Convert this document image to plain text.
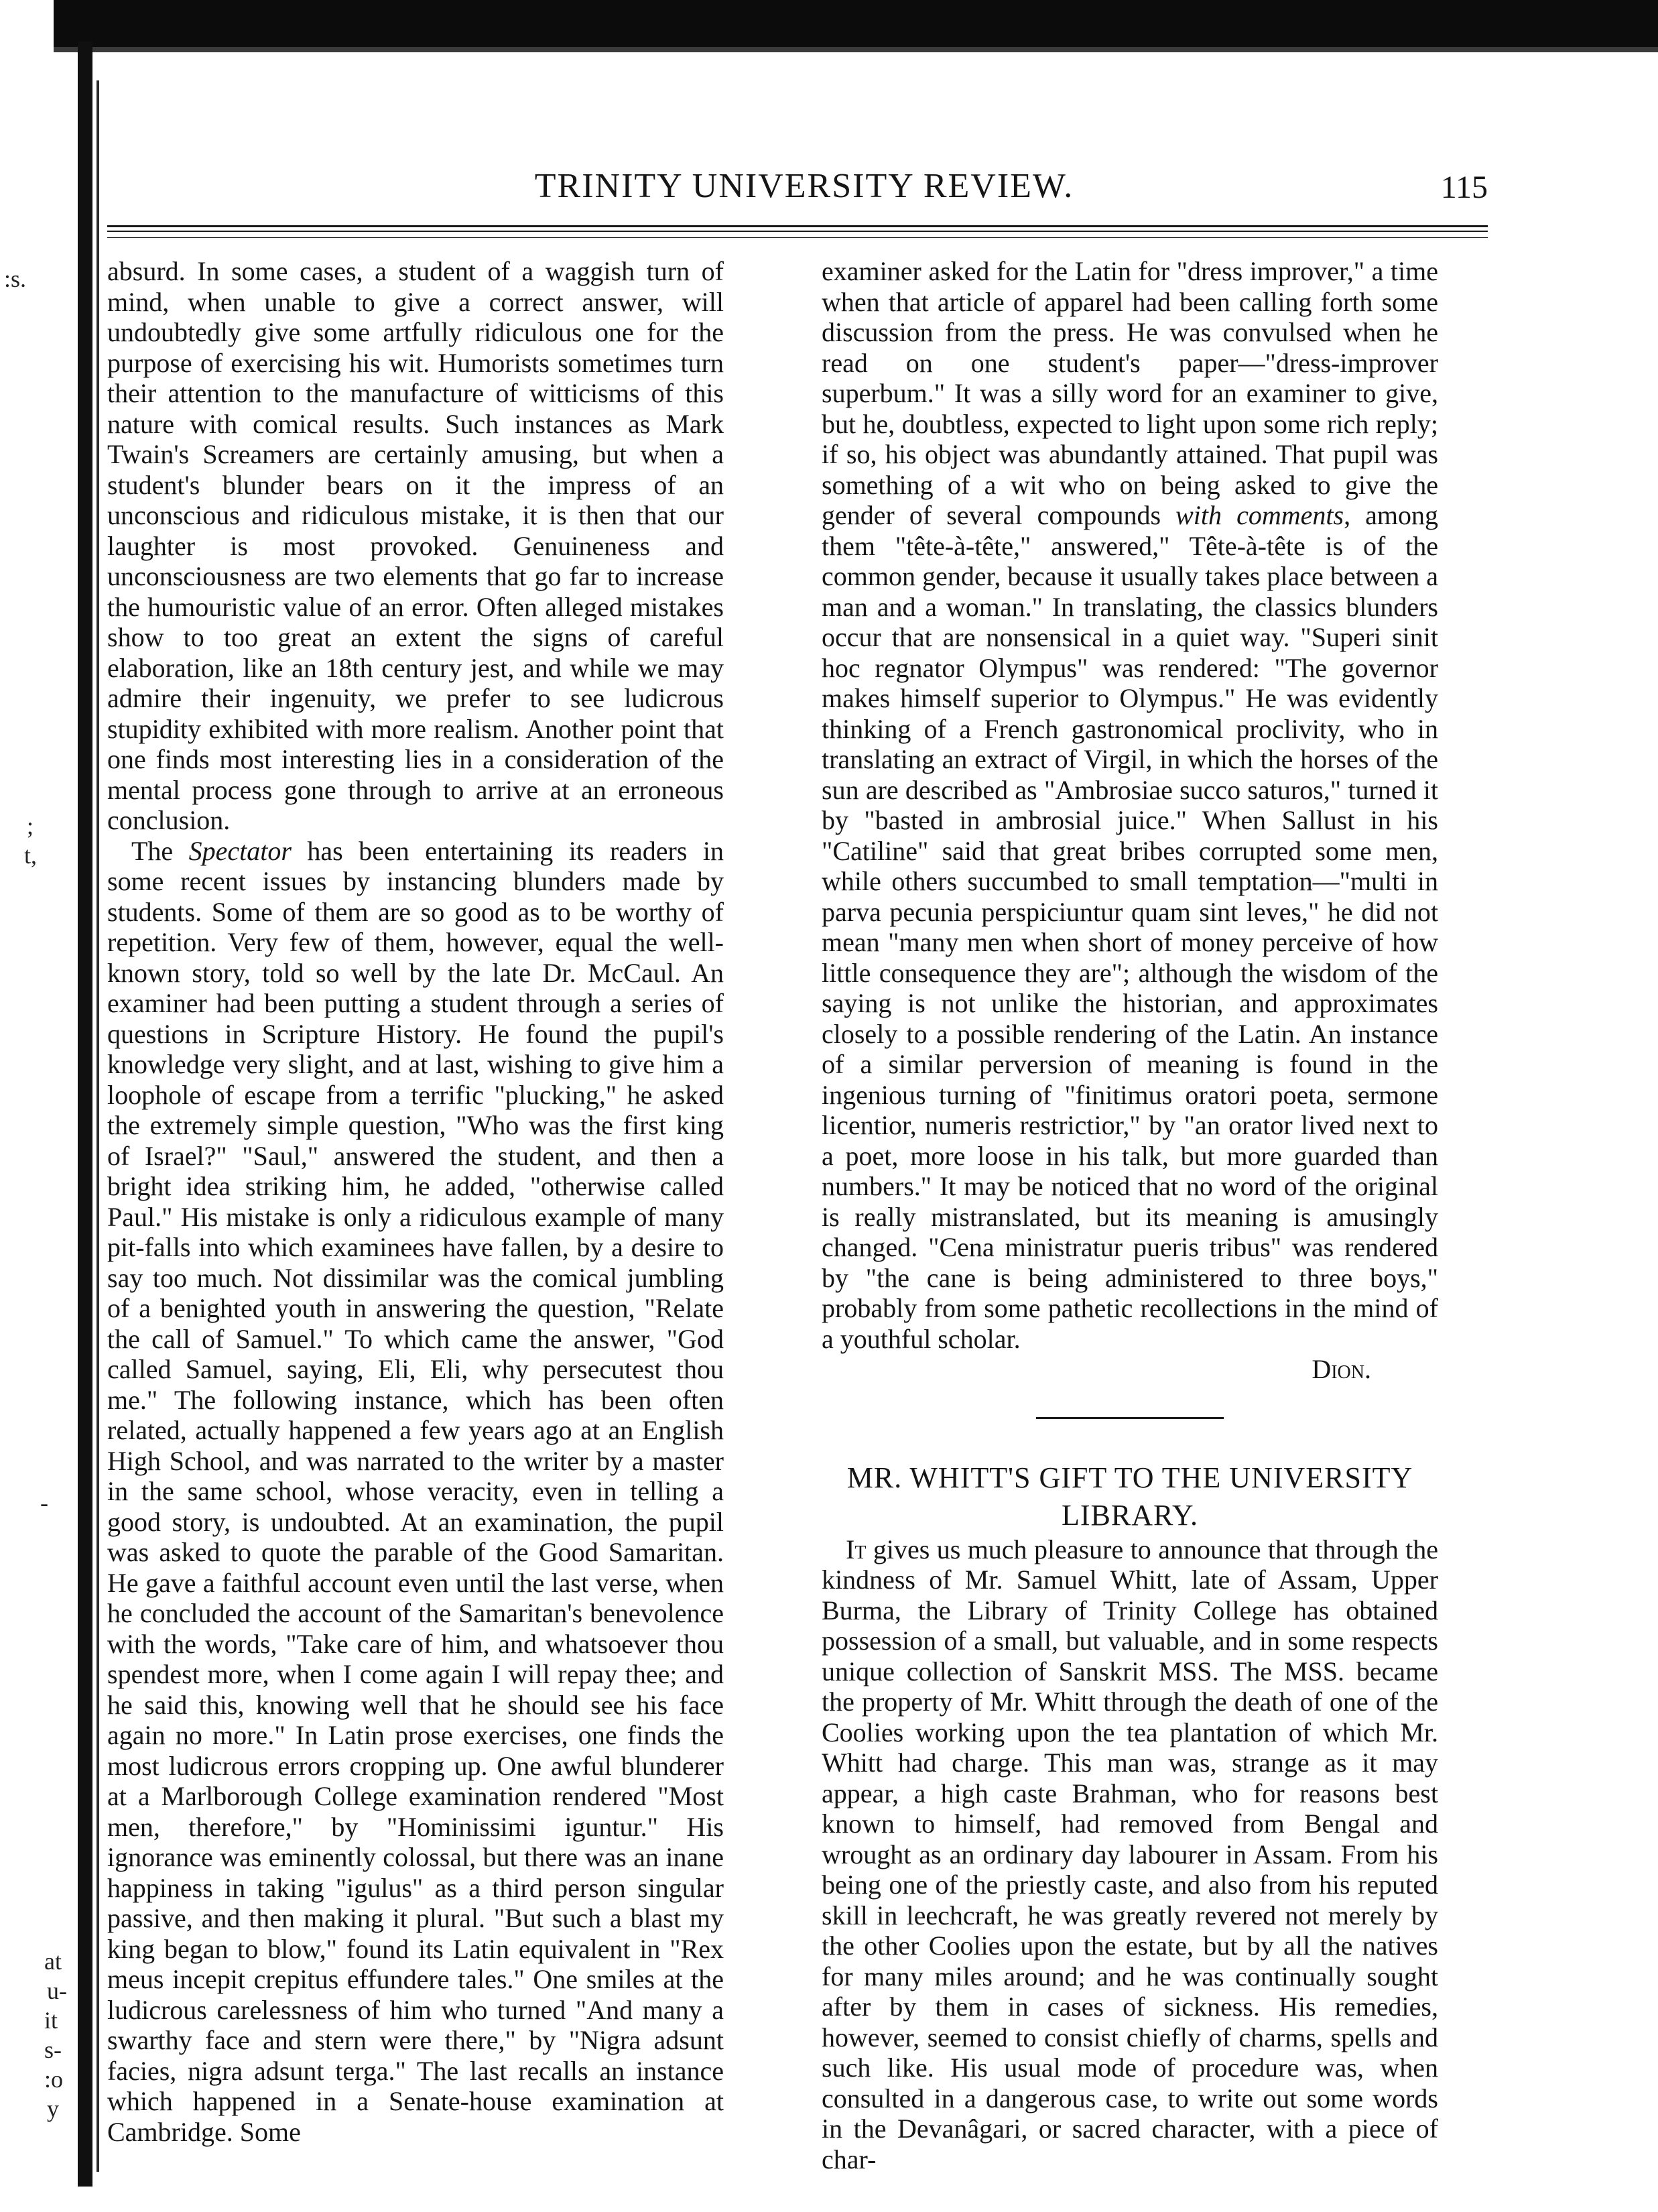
:s.
;
t,
-
at
u-
it
s-
:o
y
TRINITY UNIVERSITY REVIEW.	115

absurd. In some cases, a student of a waggish turn of mind, when unable to give a correct answer, will undoubtedly give some artfully ridiculous one for the purpose of exercising his wit. Humorists sometimes turn their attention to the manufacture of witticisms of this nature with comical results. Such instances as Mark Twain's Screamers are certainly amusing, but when a student's blunder bears on it the impress of an unconscious and ridiculous mistake, it is then that our laughter is most provoked. Genuineness and unconsciousness are two elements that go far to increase the humouristic value of an error. Often alleged mistakes show to too great an extent the signs of careful elaboration, like an 18th century jest, and while we may admire their ingenuity, we prefer to see ludicrous stupidity exhibited with more realism. Another point that one finds most interesting lies in a consideration of the mental process gone through to arrive at an erroneous conclusion.

The Spectator has been entertaining its readers in some recent issues by instancing blunders made by students. Some of them are so good as to be worthy of repetition. Very few of them, however, equal the well-known story, told so well by the late Dr. McCaul. An examiner had been putting a student through a series of questions in Scripture History. He found the pupil's knowledge very slight, and at last, wishing to give him a loophole of escape from a terrific "plucking," he asked the extremely simple question, "Who was the first king of Israel?" "Saul," answered the student, and then a bright idea striking him, he added, "otherwise called Paul." His mistake is only a ridiculous example of many pit-falls into which examinees have fallen, by a desire to say too much. Not dissimilar was the comical jumbling of a benighted youth in answering the question, "Relate the call of Samuel." To which came the answer, "God called Samuel, saying, Eli, Eli, why persecutest thou me." The following instance, which has been often related, actually happened a few years ago at an English High School, and was narrated to the writer by a master in the same school, whose veracity, even in telling a good story, is undoubted. At an examination, the pupil was asked to quote the parable of the Good Samaritan. He gave a faithful account even until the last verse, when he concluded the account of the Samaritan's benevolence with the words, "Take care of him, and whatsoever thou spendest more, when I come again I will repay thee; and he said this, knowing well that he should see his face again no more." In Latin prose exercises, one finds the most ludicrous errors cropping up. One awful blunderer at a Marlborough College examination rendered "Most men, therefore," by "Hominissimi iguntur." His ignorance was eminently colossal, but there was an inane happiness in taking "igulus" as a third person singular passive, and then making it plural. "But such a blast my king began to blow," found its Latin equivalent in "Rex meus incepit crepitus effundere tales." One smiles at the ludicrous carelessness of him who turned "And many a swarthy face and stern were there," by "Nigra adsunt facies, nigra adsunt terga." The last recalls an instance which happened in a Senate-house examination at Cambridge. Some

examiner asked for the Latin for "dress improver," a time when that article of apparel had been calling forth some discussion from the press. He was convulsed when he read on one student's paper—"dress-improver superbum." It was a silly word for an examiner to give, but he, doubtless, expected to light upon some rich reply; if so, his object was abundantly attained. That pupil was something of a wit who on being asked to give the gender of several compounds with comments, among them "tête-à-tête," answered," Tête-à-tête is of the common gender, because it usually takes place between a man and a woman." In translating, the classics blunders occur that are nonsensical in a quiet way. "Superi sinit hoc regnator Olympus" was rendered: "The governor makes himself superior to Olympus." He was evidently thinking of a French gastronomical proclivity, who in translating an extract of Virgil, in which the horses of the sun are described as "Ambrosiae succo saturos," turned it by "basted in ambrosial juice." When Sallust in his "Catiline" said that great bribes corrupted some men, while others succumbed to small temptation—"multi in parva pecunia perspiciuntur quam sint leves," he did not mean "many men when short of money perceive of how little consequence they are"; although the wisdom of the saying is not unlike the historian, and approximates closely to a possible rendering of the Latin. An instance of a similar perversion of meaning is found in the ingenious turning of "finitimus oratori poeta, sermone licentior, numeris restrictior," by "an orator lived next to a poet, more loose in his talk, but more guarded than numbers." It may be noticed that no word of the original is really mistranslated, but its meaning is amusingly changed. "Cena ministratur pueris tribus" was rendered by "the cane is being administered to three boys," probably from some pathetic recollections in the mind of a youthful scholar.

Dion.

MR. WHITT'S GIFT TO THE UNIVERSITY LIBRARY.

It gives us much pleasure to announce that through the kindness of Mr. Samuel Whitt, late of Assam, Upper Burma, the Library of Trinity College has obtained possession of a small, but valuable, and in some respects unique collection of Sanskrit MSS. The MSS. became the property of Mr. Whitt through the death of one of the Coolies working upon the tea plantation of which Mr. Whitt had charge. This man was, strange as it may appear, a high caste Brahman, who for reasons best known to himself, had removed from Bengal and wrought as an ordinary day labourer in Assam. From his being one of the priestly caste, and also from his reputed skill in leechcraft, he was greatly revered not merely by the other Coolies upon the estate, but by all the natives for many miles around; and he was continually sought after by them in cases of sickness. His remedies, however, seemed to consist chiefly of charms, spells and such like. His usual mode of procedure was, when consulted in a dangerous case, to write out some words in the Devanâgari, or sacred character, with a piece of char-
